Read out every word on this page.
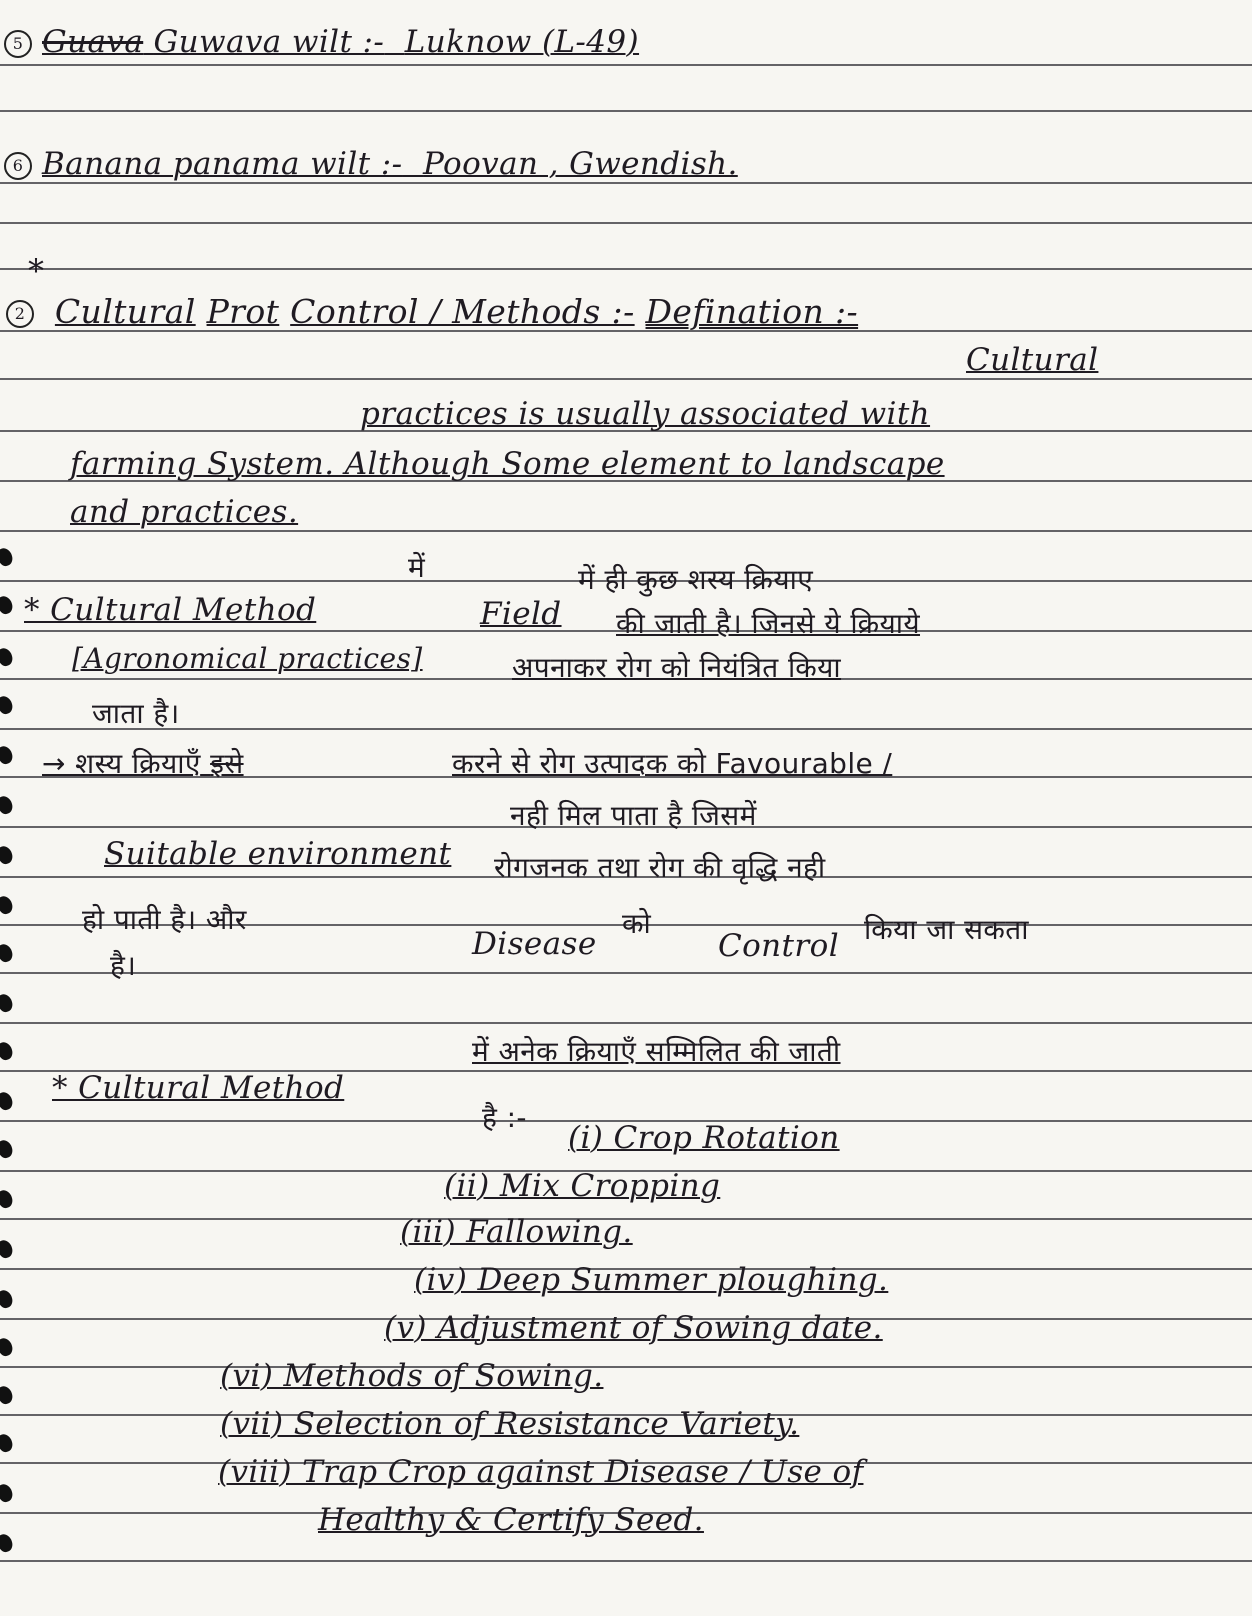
5 Guava Guwava wilt :- Luknow (L-49)
6 Banana panama wilt :- Poovan , Gwendish.
*
2 Cultural Prot Control / Methods :- Defination :-
Cultural
practices is usually associated with
farming System. Although Some element to landscape
and practices.
में
* Cultural Method	Field
में ही कुछ शस्य क्रियाए
[Agronomical practices]
की जाती है। जिनसे ये क्रियाये
अपनाकर रोग को नियंत्रित किया
जाता है।
→ शस्य क्रियाएँ इसे	करने से रोग उत्पादक को Favourable /
Suitable environment
नही मिल पाता है जिसमें
रोगजनक तथा रोग की वृद्धि नही
हो पाती है। और
Disease
को
Control किया जा सकता
है।
* Cultural Method
में अनेक क्रियाएँ सम्मिलित की जाती
है :-
(i) Crop Rotation
(ii) Mix Cropping
(iii) Fallowing.
(iv) Deep Summer ploughing.
(v) Adjustment of Sowing date.
(vi) Methods of Sowing.
(vii) Selection of Resistance Variety.
(viii) Trap Crop against Disease / Use of
Healthy & Certify Seed.
